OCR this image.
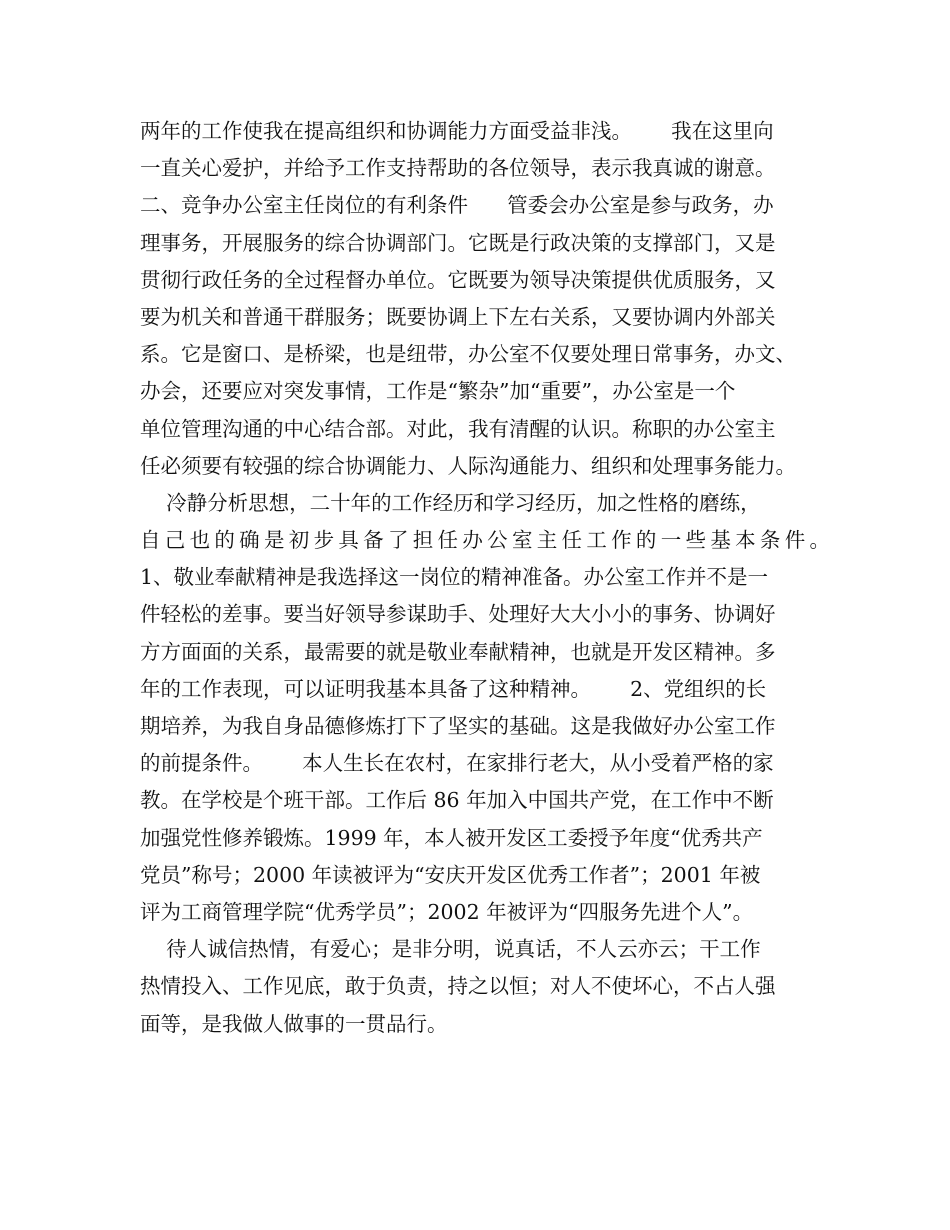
两年的工作使我在提高组织和协调能力方面受益非浅。      我在这里向
一直关心爱护，并给予工作支持帮助的各位领导，表示我真诚的谢意。
二、竞争办公室主任岗位的有利条件      管委会办公室是参与政务，办
理事务，开展服务的综合协调部门。它既是行政决策的支撑部门，又是
贯彻行政任务的全过程督办单位。它既要为领导决策提供优质服务，又
要为机关和普通干群服务；既要协调上下左右关系，又要协调内外部关
系。它是窗口、是桥梁，也是纽带，办公室不仅要处理日常事务，办文、
办会，还要应对突发事情，工作是“繁杂”加“重要”，办公室是一个
单位管理沟通的中心结合部。对此，我有清醒的认识。称职的办公室主
任必须要有较强的综合协调能力、人际沟通能力、组织和处理事务能力。
冷静分析思想，二十年的工作经历和学习经历，加之性格的磨练，
自己也的确是初步具备了担任办公室主任工作的一些基本条件。
1、敬业奉献精神是我选择这一岗位的精神准备。办公室工作并不是一
件轻松的差事。要当好领导参谋助手、处理好大大小小的事务、协调好
方方面面的关系，最需要的就是敬业奉献精神，也就是开发区精神。多
年的工作表现，可以证明我基本具备了这种精神。      2、党组织的长
期培养，为我自身品德修炼打下了坚实的基础。这是我做好办公室工作
的前提条件。      本人生长在农村，在家排行老大，从小受着严格的家
教。在学校是个班干部。工作后 86 年加入中国共产党，在工作中不断
加强党性修养锻炼。1999 年，本人被开发区工委授予年度“优秀共产
党员”称号；2000 年读被评为“安庆开发区优秀工作者”；2001 年被
评为工商管理学院“优秀学员”；2002 年被评为“四服务先进个人”。
待人诚信热情，有爱心；是非分明，说真话，不人云亦云；干工作
热情投入、工作见底，敢于负责，持之以恒；对人不使坏心，不占人强
面等，是我做人做事的一贯品行。
